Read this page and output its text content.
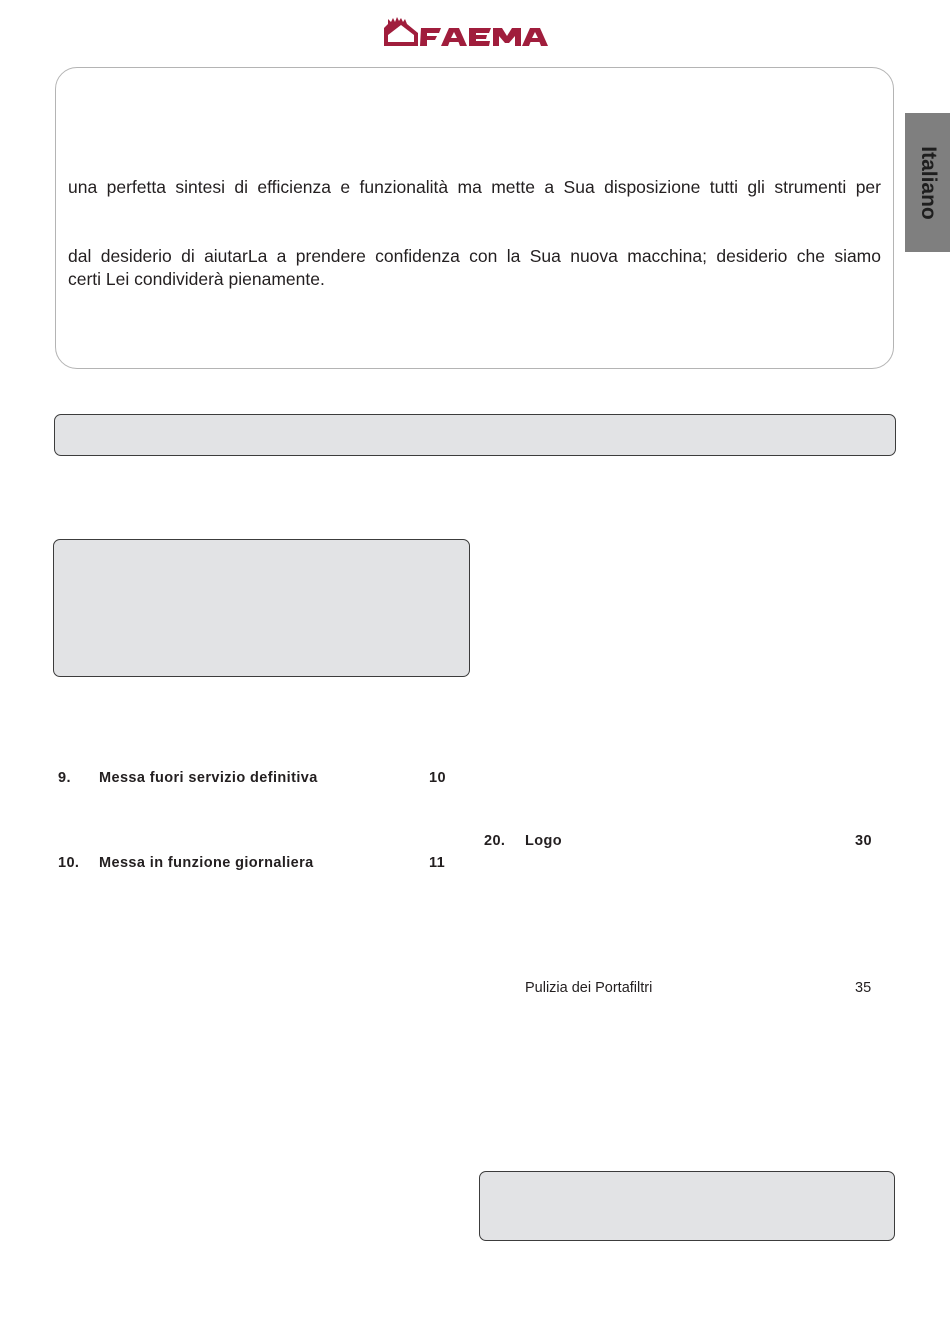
Italiano
una perfetta sintesi di efficienza e funzionalità ma mette a Sua disposizione tutti gli strumenti per
dal desiderio di aiutarLa a prendere confidenza con la Sua nuova macchina; desiderio che siamo
certi Lei condividerà pienamente.
9. Messa fuori servizio definitiva	10
10. Messa in funzione giornaliera	11
20. Logo	30
Pulizia dei Portafiltri	35
